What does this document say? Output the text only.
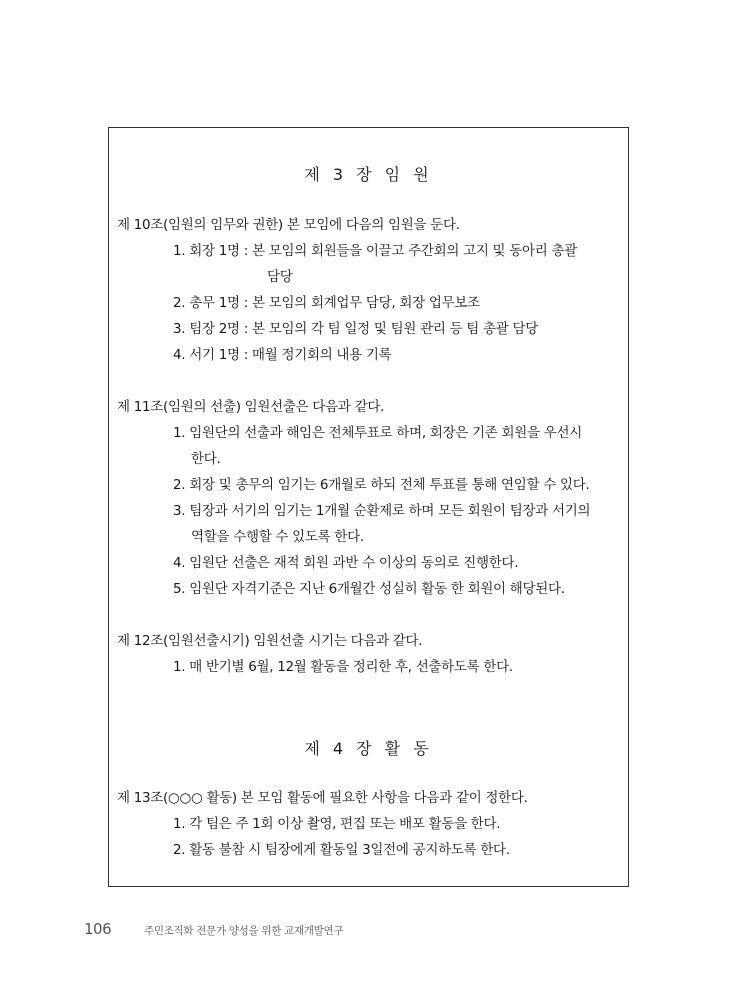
제 3 장 임 원
제 10조(임원의 임무와 권한) 본 모임에 다음의 임원을 둔다.
1. 회장 1명 : 본 모임의 회원들을 이끌고 주간회의 고지 및 동아리 총괄
담당
2. 총무 1명 : 본 모임의 회계업무 담당, 회장 업무보조
3. 팀장 2명 : 본 모임의 각 팀 일정 및 팀원 관리 등 팀 총괄 담당
4. 서기 1명 : 매월 정기회의 내용 기록
제 11조(임원의 선출) 임원선출은 다음과 같다.
1. 임원단의 선출과 해임은 전체투표로 하며, 회장은 기존 회원을 우선시
한다.
2. 회장 및 총무의 임기는 6개월로 하되 전체 투표를 통해 연임할 수 있다.
3. 팀장과 서기의 임기는 1개월 순환제로 하며 모든 회원이 팀장과 서기의
역할을 수행할 수 있도록 한다.
4. 임원단 선출은 재적 회원 과반 수 이상의 동의로 진행한다.
5. 임원단 자격기준은 지난 6개월간 성실히 활동 한 회원이 해당된다.
제 12조(임원선출시기) 임원선출 시기는 다음과 같다.
1. 매 반기별 6월, 12월 활동을 정리한 후, 선출하도록 한다.
제 4 장 활 동
제 13조(○○○ 활동) 본 모임 활동에 필요한 사항을 다음과 같이 정한다.
1. 각 팀은 주 1회 이상 촬영, 편집 또는 배포 활동을 한다.
2. 활동 불참 시 팀장에게 활동일 3일전에 공지하도록 한다.
106	주민조직화 전문가 양성을 위한 교재개발연구
